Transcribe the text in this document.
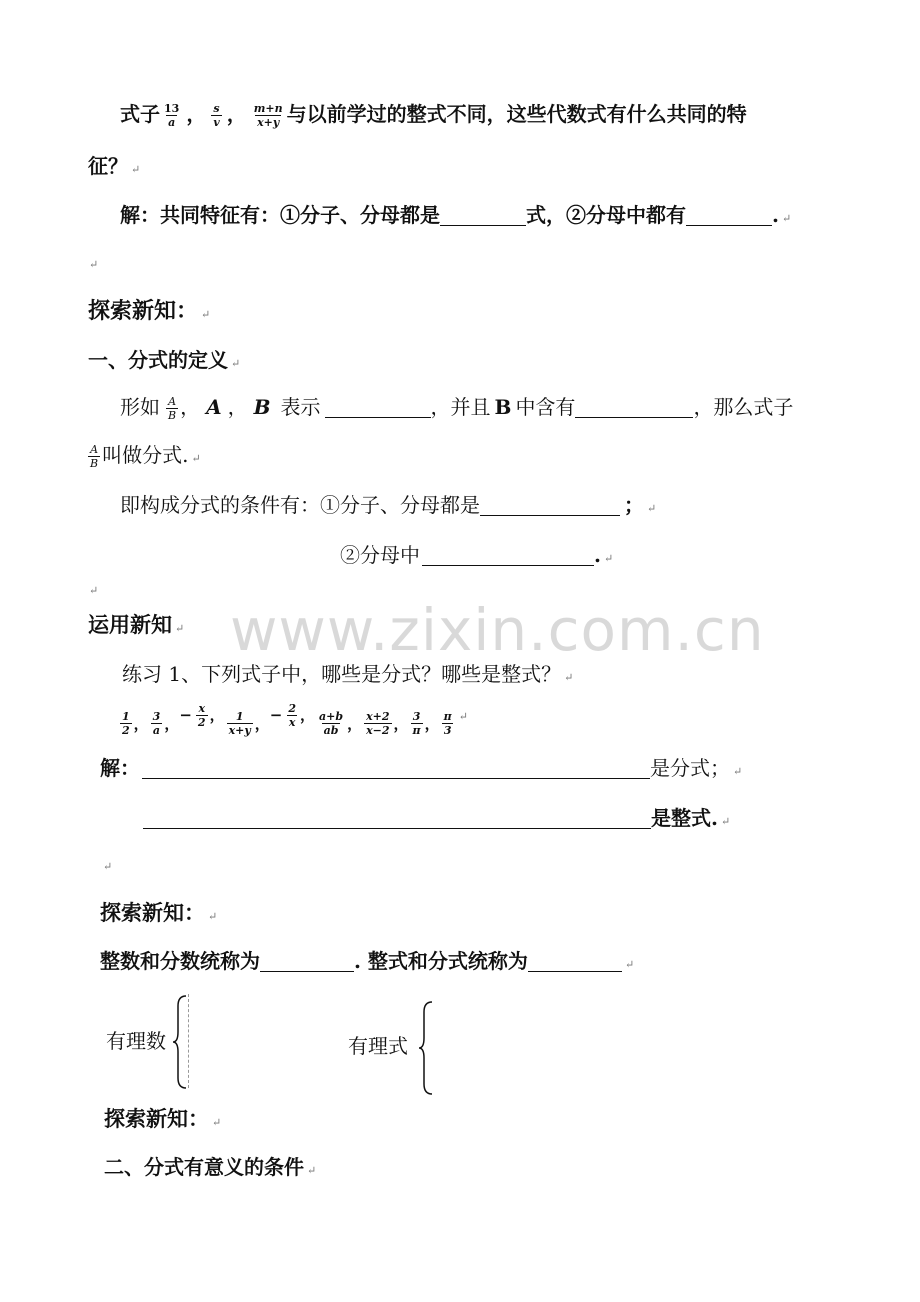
www.zixin.com.cn
式子 $\frac{13}{a}$ ， $\frac{s}{v}$ ， $\frac{m+n}{x+y}$ 与以前学过的整式不同，这些代数式有什么共同的特
征？ ↵
解：共同特征有：①分子、分母都是	式，②分母中都有	. ↵
↵
探索新知： ↵
一、分式的定义 ↵
形如 $\frac{A}{B}$ ， A ， B 表示	，并且 B 中含有	，那么式子
$\frac{A}{B}$ 叫做分式. ↵
即构成分式的条件有：①分子、分母都是	； ↵
②分母中	. ↵
↵
运用新知 ↵
练习 1、下列式子中，哪些是分式？哪些是整式？ ↵
$\frac{1}{2}$ ， $\frac{3}{a}$ ， − $\frac{x}{2}$ ， $\frac{1}{x+y}$ ， − $\frac{2}{x}$ ， $\frac{a+b}{ab}$ ， $\frac{x+2}{x-2}$ ， $\frac{3}{\pi}$ ， $\frac{\pi}{3}$ ↵
解：	是分式； ↵
是整式. ↵
↵
探索新知： ↵
整数和分数统称为	. 整式和分式统称为	↵
有理数	有理式
探索新知： ↵
二、分式有意义的条件 ↵
